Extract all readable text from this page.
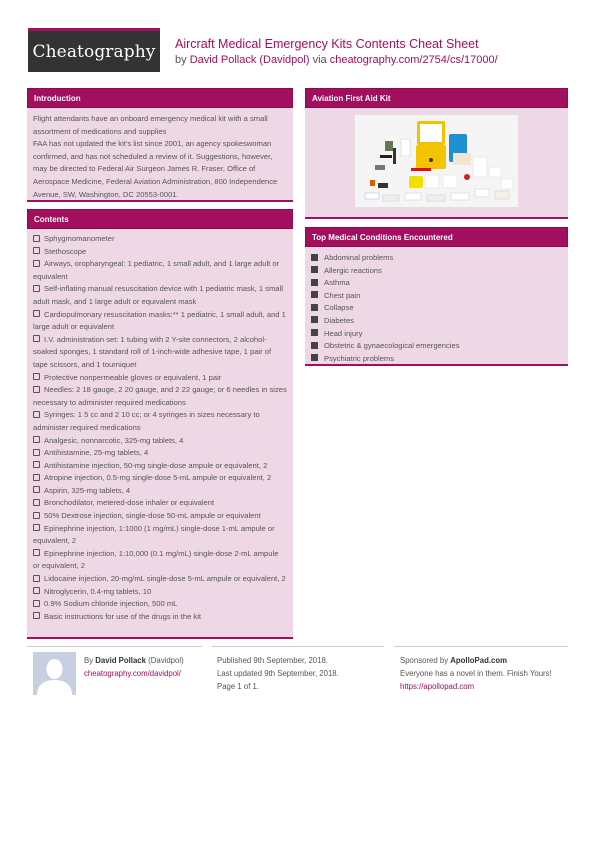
Cheatography Aircraft Medical Emergency Kits Contents Cheat Sheet
by David Pollack (Davidpol) via cheatography.com/2754/cs/17000/
Introduction
Flight attendants have an onboard emergency medical kit with a small assortment of medications and supplies
FAA has not updated the kit's list since 2001, an agency spokeswoman confirmed, and has not scheduled a review of it. Suggestions, however, may be directed to Federal Air Surgeon James R. Fraser, Office of Aerospace Medicine, Federal Aviation Administration, 800 Independence Avenue, SW, Washington, DC 20553-0001.
Contents
Sphygmomanometer
Stethoscope
Airways, oropharyngeal: 1 pediatric, 1 small adult, and 1 large adult or equivalent
Self-inflating manual resuscitation device with 1 pediatric mask, 1 small adult mask, and 1 large adult or equivalent mask
Cardiopulmonary resuscitation masks:** 1 pediatric, 1 small adult, and 1 large adult or equivalent
I.V. administration set: 1 tubing with 2 Y-site connectors, 2 alcohol-soaked sponges, 1 standard roll of 1-inch-wide adhesive tape, 1 pair of tape scissors, and 1 tourniquet
Protective nonpermeable gloves or equivalent, 1 pair
Needles: 2 18 gauge, 2 20 gauge, and 2 22 gauge; or 6 needles in sizes necessary to administer required medications
Syringes: 1 5 cc and 2 10 cc; or 4 syringes in sizes necessary to administer required medications
Analgesic, nonnarcotic, 325-mg tablets, 4
Antihistamine, 25-mg tablets, 4
Antihistamine injection, 50-mg single-dose ampule or equivalent, 2
Atropine injection, 0.5-mg single-dose 5-mL ampule or equivalent, 2
Aspirin, 325-mg tablets, 4
Bronchodilator, metered-dose inhaler or equivalent
50% Dextrose injection, single-dose 50-mL ampule or equivalent
Epinephrine injection, 1:1000 (1 mg/mL) single-dose 1-mL ampule or equivalent, 2
Epinephrine injection, 1:10,000 (0.1 mg/mL) single-dose 2-mL ampule or equivalent, 2
Lidocaine injection, 20-mg/mL single-dose 5-mL ampule or equivalent, 2
Nitroglycerin, 0.4-mg tablets, 10
0.9% Sodium chloride injection, 500 mL
Basic instructions for use of the drugs in the kit
Aviation First Aid Kit
Top Medical Conditions Encountered
Abdominal problems
Allergic reactions
Asthma
Chest pain
Collapse
Diabetes
Head injury
Obstetric & gynaecological emergencies
Psychiatric problems
By David Pollack (Davidpol)
cheatography.com/davidpol/
Published 9th September, 2018.
Last updated 9th September, 2018.
Page 1 of 1.
Sponsored by ApolloPad.com
Everyone has a novel in them. Finish Yours!
https://apollopad.com
